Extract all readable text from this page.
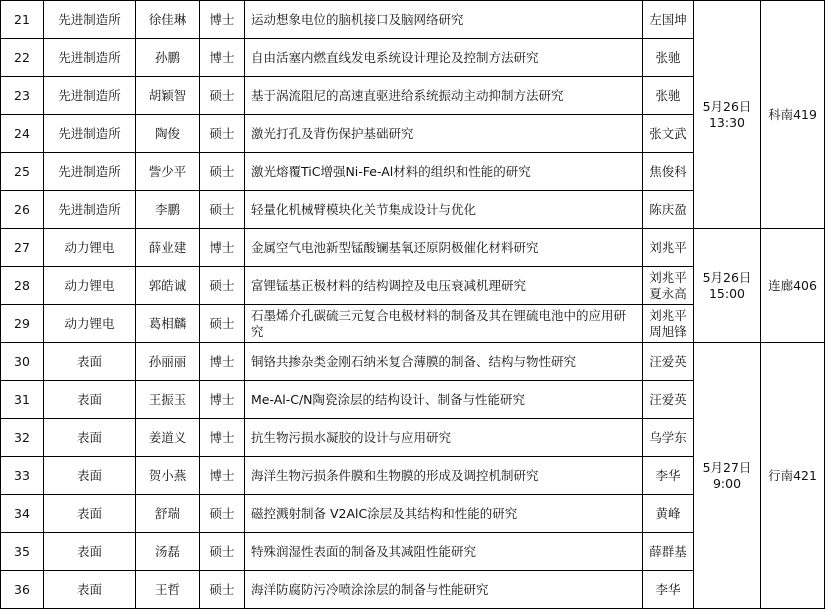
21	先进制造所	徐佳琳	博士	运动想象电位的脑机接口及脑网络研究	左国坤	5月26日
13:30	科南419
22	先进制造所	孙鹏	博士	自由活塞内燃直线发电系统设计理论及控制方法研究	张驰		
23	先进制造所	胡颖智	硕士	基于涡流阻尼的高速直驱进给系统振动主动抑制方法研究	张驰		
24	先进制造所	陶俊	硕士	激光打孔及背伤保护基础研究	张文武		
25	先进制造所	訾少平	硕士	激光熔覆TiC增强Ni-Fe-Al材料的组织和性能的研究	焦俊科		
26	先进制造所	李鹏	硕士	轻量化机械臂模块化关节集成设计与优化	陈庆盈		
27	动力锂电	薛业建	博士	金属空气电池新型锰酸镧基氧还原阴极催化材料研究	刘兆平	5月26日
15:00	连廊406
28	动力锂电	郭皓诚	硕士	富锂锰基正极材料的结构调控及电压衰减机理研究	刘兆平
夏永高		

29	动力锂电	葛相麟	硕士	石墨烯介孔碳硫三元复合电极材料的制备及其在锂硫电池中的应用研究	刘兆平
周旭锋		

30	表面	孙丽丽	博士	铜铬共掺杂类金刚石纳米复合薄膜的制备、结构与物性研究	汪爱英	5月27日
9:00	行南421
31	表面	王振玉	博士	Me-Al-C/N陶瓷涂层的结构设计、制备与性能研究	汪爱英		
32	表面	姜道义	博士	抗生物污损水凝胶的设计与应用研究	乌学东		
33	表面	贺小燕	博士	海洋生物污损条件膜和生物膜的形成及调控机制研究	李华		
34	表面	舒瑞	硕士	磁控溅射制备 V2AlC涂层及其结构和性能的研究	黄峰		
35	表面	汤磊	硕士	特殊润湿性表面的制备及其减阻性能研究	薛群基		
36	表面	王哲	硕士	海洋防腐防污冷喷涂涂层的制备与性能研究	李华		
